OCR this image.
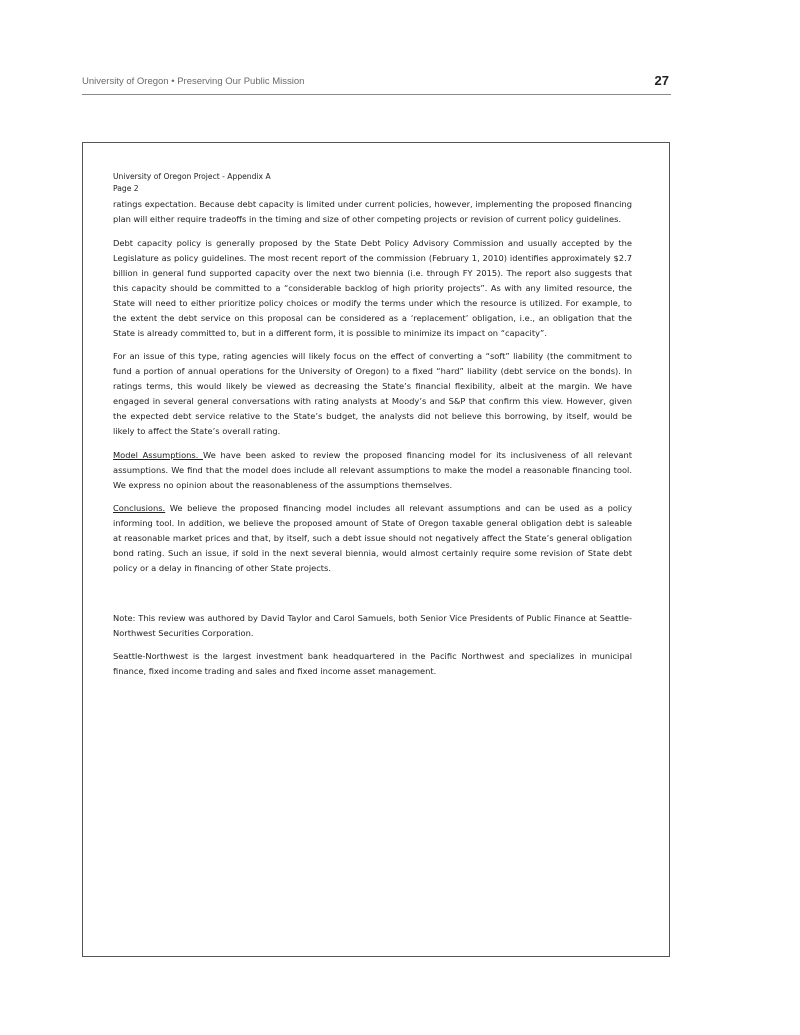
University of Oregon • Preserving Our Public Mission	27
University of Oregon Project - Appendix A
Page 2

ratings expectation. Because debt capacity is limited under current policies, however, implementing the proposed financing plan will either require tradeoffs in the timing and size of other competing projects or revision of current policy guidelines.

Debt capacity policy is generally proposed by the State Debt Policy Advisory Commission and usually accepted by the Legislature as policy guidelines. The most recent report of the commission (February 1, 2010) identifies approximately $2.7 billion in general fund supported capacity over the next two biennia (i.e. through FY 2015). The report also suggests that this capacity should be committed to a “considerable backlog of high priority projects”. As with any limited resource, the State will need to either prioritize policy choices or modify the terms under which the resource is utilized. For example, to the extent the debt service on this proposal can be considered as a ‘replacement’ obligation, i.e., an obligation that the State is already committed to, but in a different form, it is possible to minimize its impact on “capacity”.

For an issue of this type, rating agencies will likely focus on the effect of converting a “soft” liability (the commitment to fund a portion of annual operations for the University of Oregon) to a fixed “hard” liability (debt service on the bonds). In ratings terms, this would likely be viewed as decreasing the State’s financial flexibility, albeit at the margin. We have engaged in several general conversations with rating analysts at Moody’s and S&P that confirm this view. However, given the expected debt service relative to the State’s budget, the analysts did not believe this borrowing, by itself, would be likely to affect the State’s overall rating.

Model Assumptions. We have been asked to review the proposed financing model for its inclusiveness of all relevant assumptions. We find that the model does include all relevant assumptions to make the model a reasonable financing tool. We express no opinion about the reasonableness of the assumptions themselves.

Conclusions. We believe the proposed financing model includes all relevant assumptions and can be used as a policy informing tool. In addition, we believe the proposed amount of State of Oregon taxable general obligation debt is saleable at reasonable market prices and that, by itself, such a debt issue should not negatively affect the State’s general obligation bond rating. Such an issue, if sold in the next several biennia, would almost certainly require some revision of State debt policy or a delay in financing of other State projects.

Note: This review was authored by David Taylor and Carol Samuels, both Senior Vice Presidents of Public Finance at Seattle-Northwest Securities Corporation.

Seattle-Northwest is the largest investment bank headquartered in the Pacific Northwest and specializes in municipal finance, fixed income trading and sales and fixed income asset management.
